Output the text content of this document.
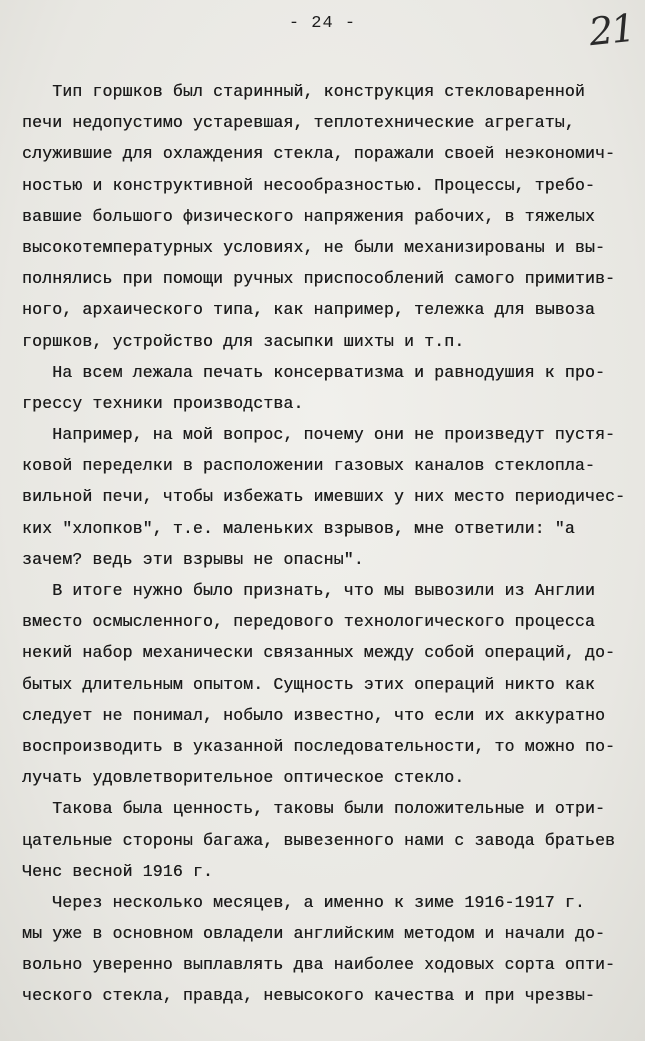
- 24 -	21
Тип горшков был старинный, конструкция стекловаренной
печи недопустимо устаревшая, теплотехнические агрегаты,
служившие для охлаждения стекла, поражали своей неэкономич-
ностью и конструктивной несообразностью. Процессы, требо-
вавшие большого физического напряжения рабочих, в тяжелых
высокотемпературных условиях, не были механизированы и вы-
полнялись при помощи ручных приспособлений самого примитив-
ного, архаического типа, как например, тележка для вывоза
горшков, устройство для засыпки шихты и т.п.
На всем лежала печать консерватизма и равнодушия к про-
грессу техники производства.
Например, на мой вопрос, почему они не произведут пустя-
ковой переделки в расположении газовых каналов стеклопла-
вильной печи, чтобы избежать имевших у них место периодичес-
ких "хлопков", т.е. маленьких взрывов, мне ответили: "а
зачем? ведь эти взрывы не опасны".
В итоге нужно было признать, что мы вывозили из Англии
вместо осмысленного, передового технологического процесса
некий набор механически связанных между собой операций, до-
бытых длительным опытом. Сущность этих операций никто как
следует не понимал, нобыло известно, что если их аккуратно
воспроизводить в указанной последовательности, то можно по-
лучать удовлетворительное оптическое стекло.
Такова была ценность, таковы были положительные и отри-
цательные стороны багажа, вывезенного нами с завода братьев
Ченс весной 1916 г.
Через несколько месяцев, а именно к зиме 1916-1917 г.
мы уже в основном овладели английским методом и начали до-
вольно уверенно выплавлять два наиболее ходовых сорта опти-
ческого стекла, правда, невысокого качества и при чрезвы-
